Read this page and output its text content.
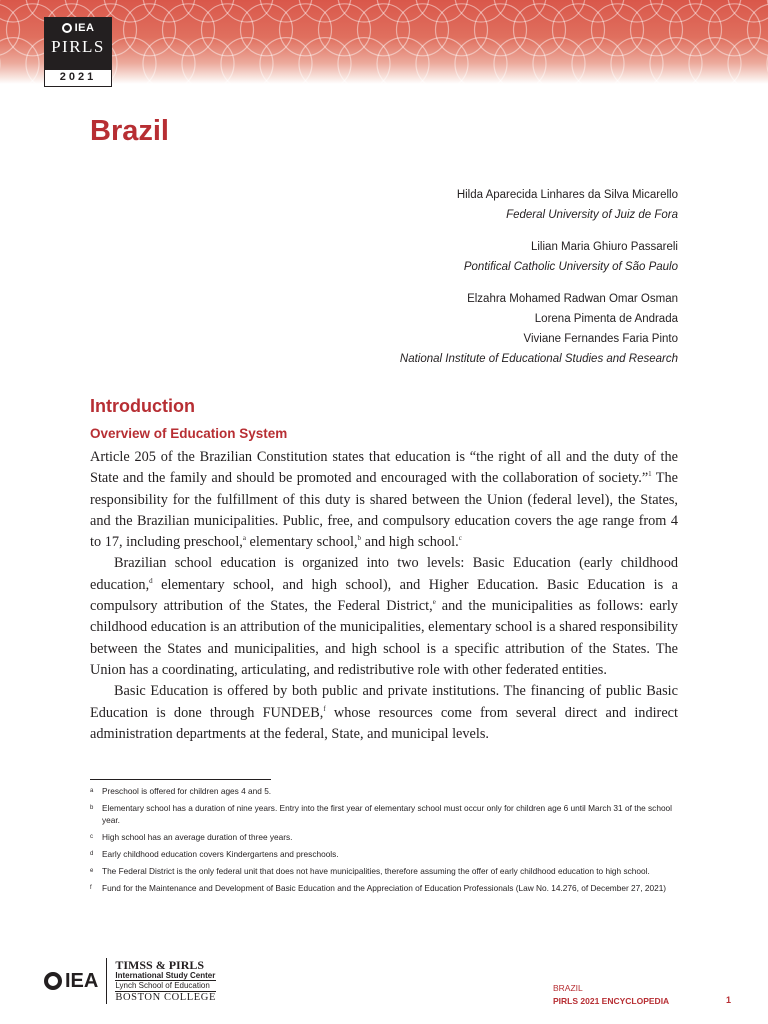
IEA
PIRLS
2021
Brazil
Hilda Aparecida Linhares da Silva Micarello
Federal University of Juiz de Fora
Lilian Maria Ghiuro Passareli
Pontifical Catholic University of São Paulo
Elzahra Mohamed Radwan Omar Osman
Lorena Pimenta de Andrada
Viviane Fernandes Faria Pinto
National Institute of Educational Studies and Research
Introduction
Overview of Education System

Article 205 of the Brazilian Constitution states that education is “the right of all and the duty of the State and the family and should be promoted and encouraged with the collaboration of society.”$^1$ The responsibility for the fulfillment of this duty is shared between the Union (federal level), the States, and the Brazilian municipalities. Public, free, and compulsory education covers the age range from 4 to 17, including preschool,$^a$ elementary school,$^b$ and high school.$^c$

Brazilian school education is organized into two levels: Basic Education (early childhood education,$^d$ elementary school, and high school), and Higher Education. Basic Education is a compulsory attribution of the States, the Federal District,$^e$ and the municipalities as follows: early childhood education is an attribution of the municipalities, elementary school is a shared responsibility between the States and municipalities, and high school is a specific attribution of the States. The Union has a coordinating, articulating, and redistributive role with other federated entities.

Basic Education is offered by both public and private institutions. The financing of public Basic Education is done through FUNDEB,$^f$ whose resources come from several direct and indirect administration departments at the federal, State, and municipal levels.

a	Preschool is offered for children ages 4 and 5.
b	Elementary school has a duration of nine years. Entry into the first year of elementary school must occur only for children age 6 until March 31 of the school year.
c	High school has an average duration of three years.
d	Early childhood education covers Kindergartens and preschools.
e	The Federal District is the only federal unit that does not have municipalities, therefore assuming the offer of early childhood education to high school.
f	Fund for the Maintenance and Development of Basic Education and the Appreciation of Education Professionals (Law No. 14.276, of December 27, 2021)
IEA
TIMSS & PIRLS
International Study Center
Lynch School of Education
BOSTON COLLEGE
BRAZIL
PIRLS 2021 ENCYCLOPEDIA	1
